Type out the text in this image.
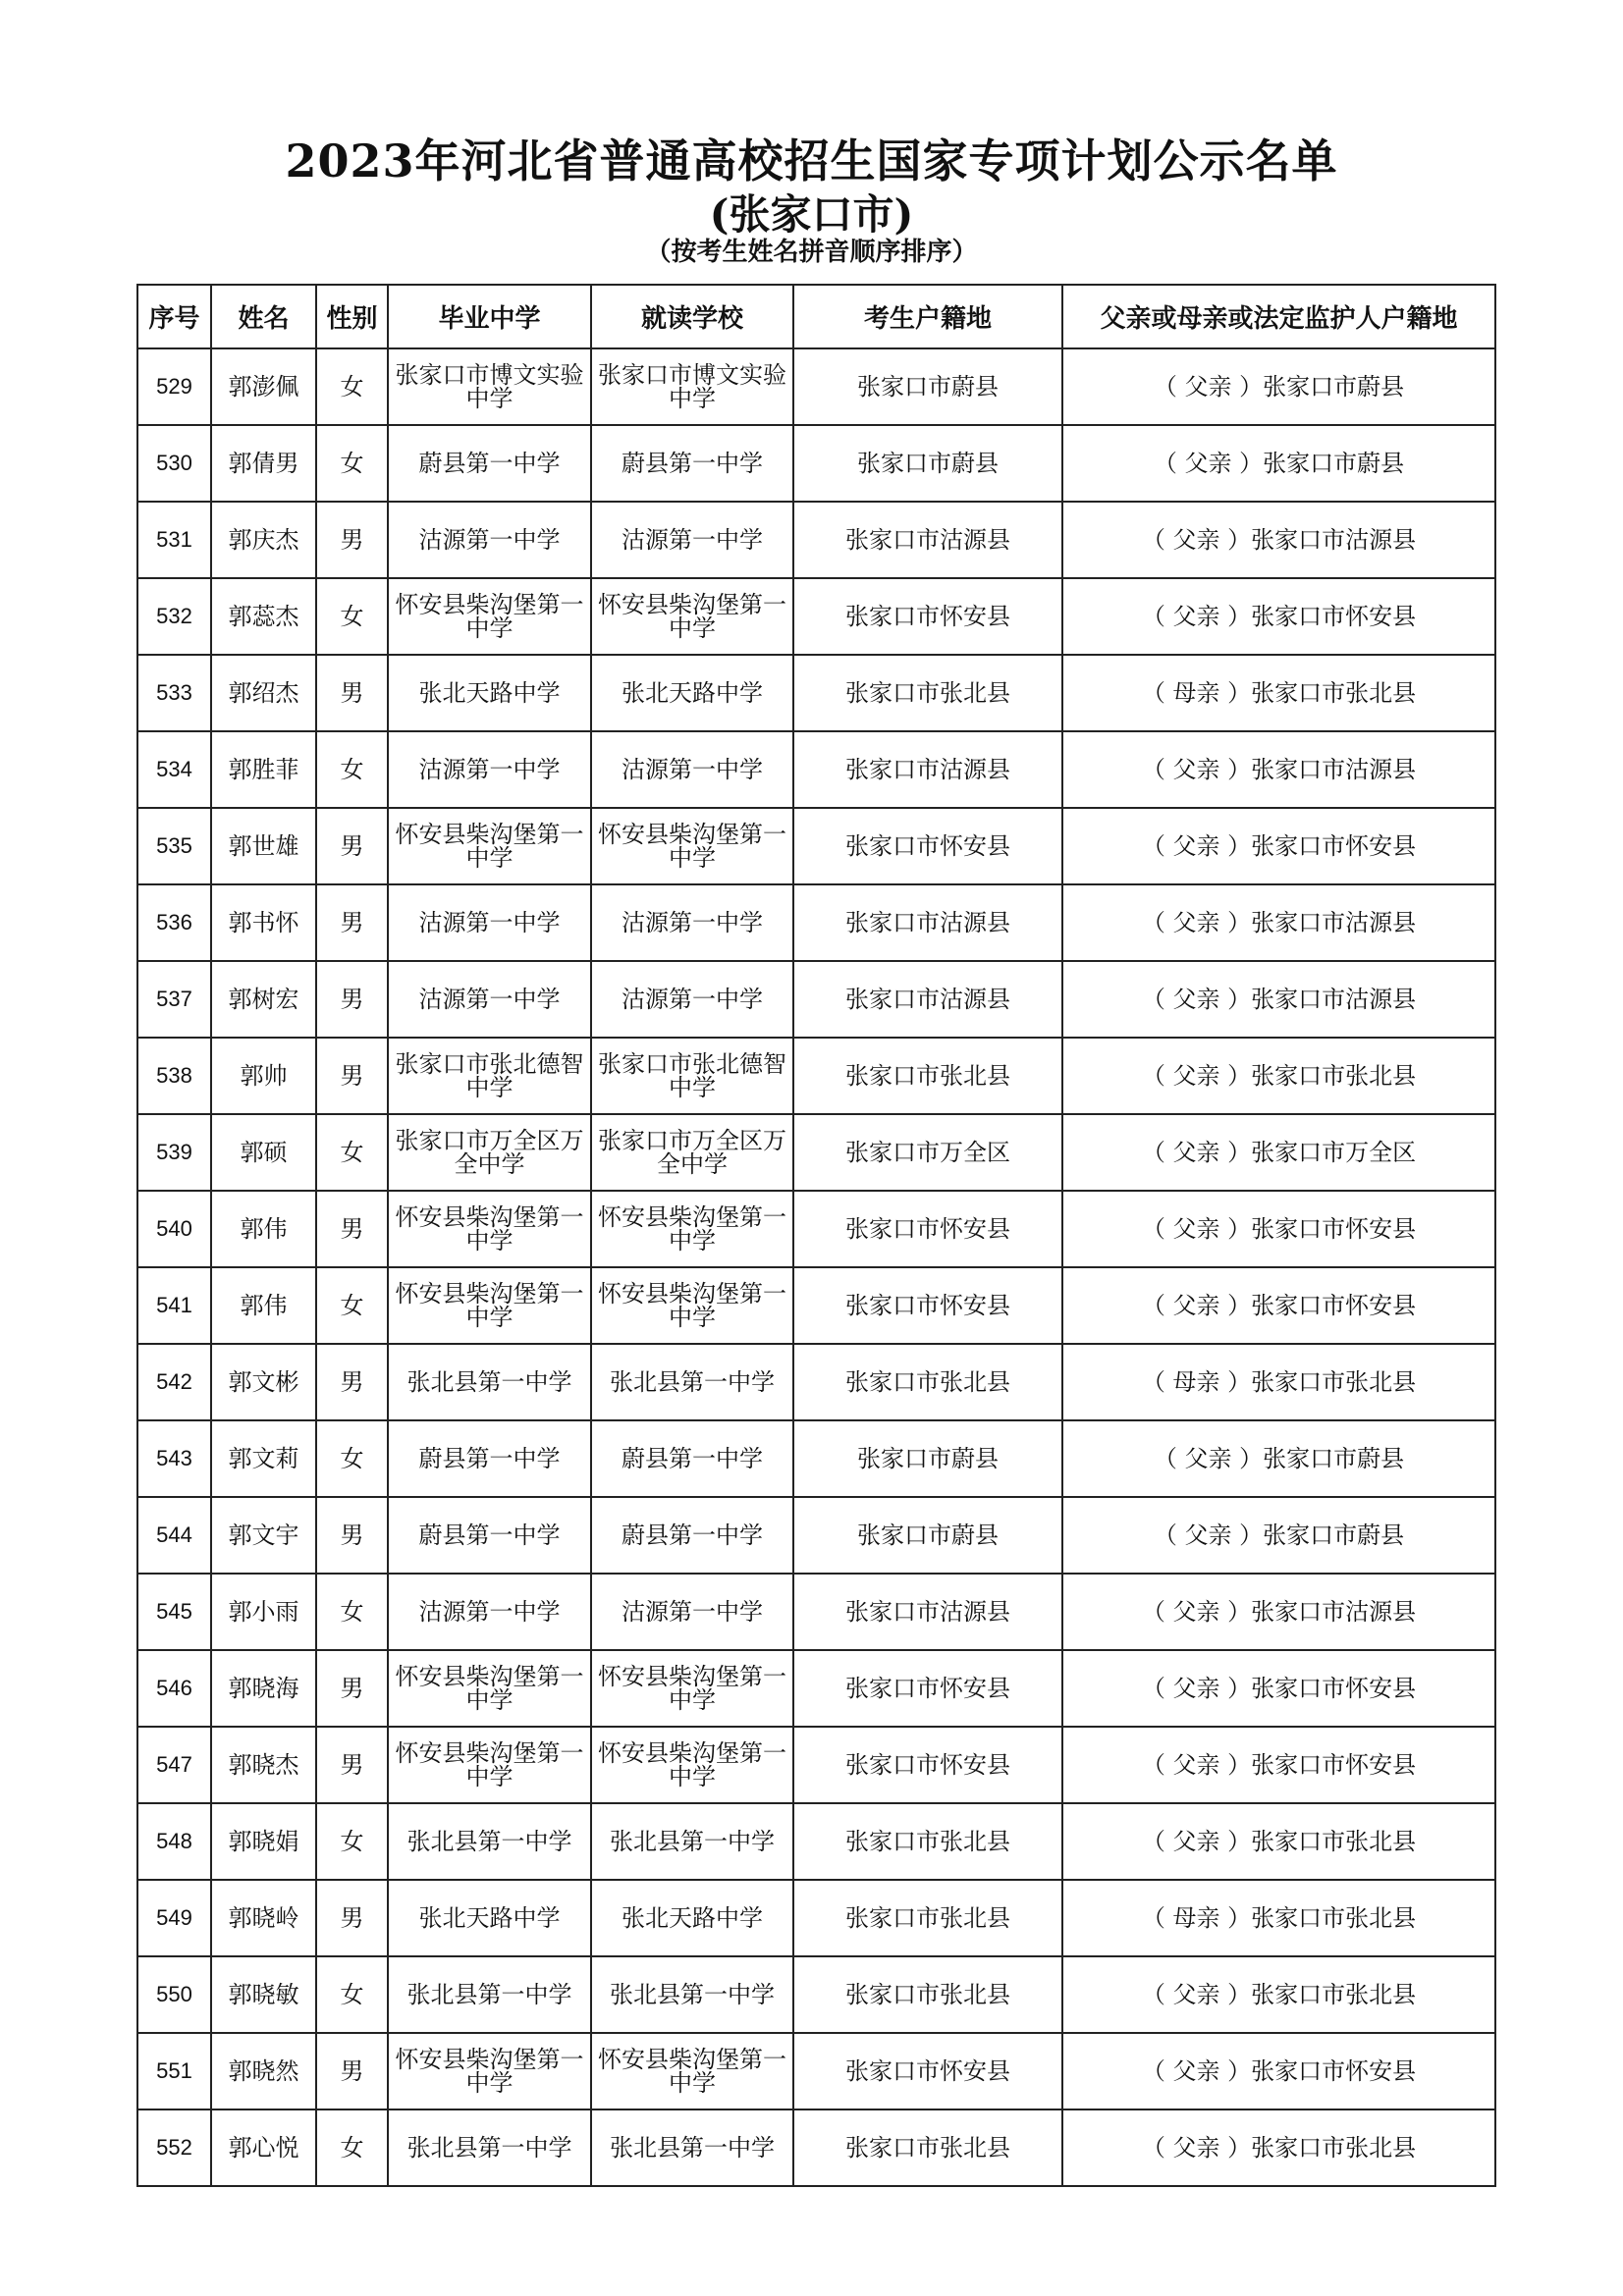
2023年河北省普通高校招生国家专项计划公示名单
(张家口市)
（按考生姓名拼音顺序排序）
序号	姓名	性别	毕业中学	就读学校	考生户籍地	父亲或母亲或法定监护人户籍地
529	郭澎佩	女	张家口市博文实验中学	张家口市博文实验中学	张家口市蔚县	（ 父亲 ）张家口市蔚县
530	郭倩男	女	蔚县第一中学	蔚县第一中学	张家口市蔚县	（ 父亲 ）张家口市蔚县
531	郭庆杰	男	沽源第一中学	沽源第一中学	张家口市沽源县	（ 父亲 ）张家口市沽源县
532	郭蕊杰	女	怀安县柴沟堡第一中学	怀安县柴沟堡第一中学	张家口市怀安县	（ 父亲 ）张家口市怀安县
533	郭绍杰	男	张北天路中学	张北天路中学	张家口市张北县	（ 母亲 ）张家口市张北县
534	郭胜菲	女	沽源第一中学	沽源第一中学	张家口市沽源县	（ 父亲 ）张家口市沽源县
535	郭世雄	男	怀安县柴沟堡第一中学	怀安县柴沟堡第一中学	张家口市怀安县	（ 父亲 ）张家口市怀安县
536	郭书怀	男	沽源第一中学	沽源第一中学	张家口市沽源县	（ 父亲 ）张家口市沽源县
537	郭树宏	男	沽源第一中学	沽源第一中学	张家口市沽源县	（ 父亲 ）张家口市沽源县
538	郭帅	男	张家口市张北德智中学	张家口市张北德智中学	张家口市张北县	（ 父亲 ）张家口市张北县
539	郭硕	女	张家口市万全区万全中学	张家口市万全区万全中学	张家口市万全区	（ 父亲 ）张家口市万全区
540	郭伟	男	怀安县柴沟堡第一中学	怀安县柴沟堡第一中学	张家口市怀安县	（ 父亲 ）张家口市怀安县
541	郭伟	女	怀安县柴沟堡第一中学	怀安县柴沟堡第一中学	张家口市怀安县	（ 父亲 ）张家口市怀安县
542	郭文彬	男	张北县第一中学	张北县第一中学	张家口市张北县	（ 母亲 ）张家口市张北县
543	郭文莉	女	蔚县第一中学	蔚县第一中学	张家口市蔚县	（ 父亲 ）张家口市蔚县
544	郭文宇	男	蔚县第一中学	蔚县第一中学	张家口市蔚县	（ 父亲 ）张家口市蔚县
545	郭小雨	女	沽源第一中学	沽源第一中学	张家口市沽源县	（ 父亲 ）张家口市沽源县
546	郭晓海	男	怀安县柴沟堡第一中学	怀安县柴沟堡第一中学	张家口市怀安县	（ 父亲 ）张家口市怀安县
547	郭晓杰	男	怀安县柴沟堡第一中学	怀安县柴沟堡第一中学	张家口市怀安县	（ 父亲 ）张家口市怀安县
548	郭晓娟	女	张北县第一中学	张北县第一中学	张家口市张北县	（ 父亲 ）张家口市张北县
549	郭晓岭	男	张北天路中学	张北天路中学	张家口市张北县	（ 母亲 ）张家口市张北县
550	郭晓敏	女	张北县第一中学	张北县第一中学	张家口市张北县	（ 父亲 ）张家口市张北县
551	郭晓然	男	怀安县柴沟堡第一中学	怀安县柴沟堡第一中学	张家口市怀安县	（ 父亲 ）张家口市怀安县
552	郭心悦	女	张北县第一中学	张北县第一中学	张家口市张北县	（ 父亲 ）张家口市张北县
